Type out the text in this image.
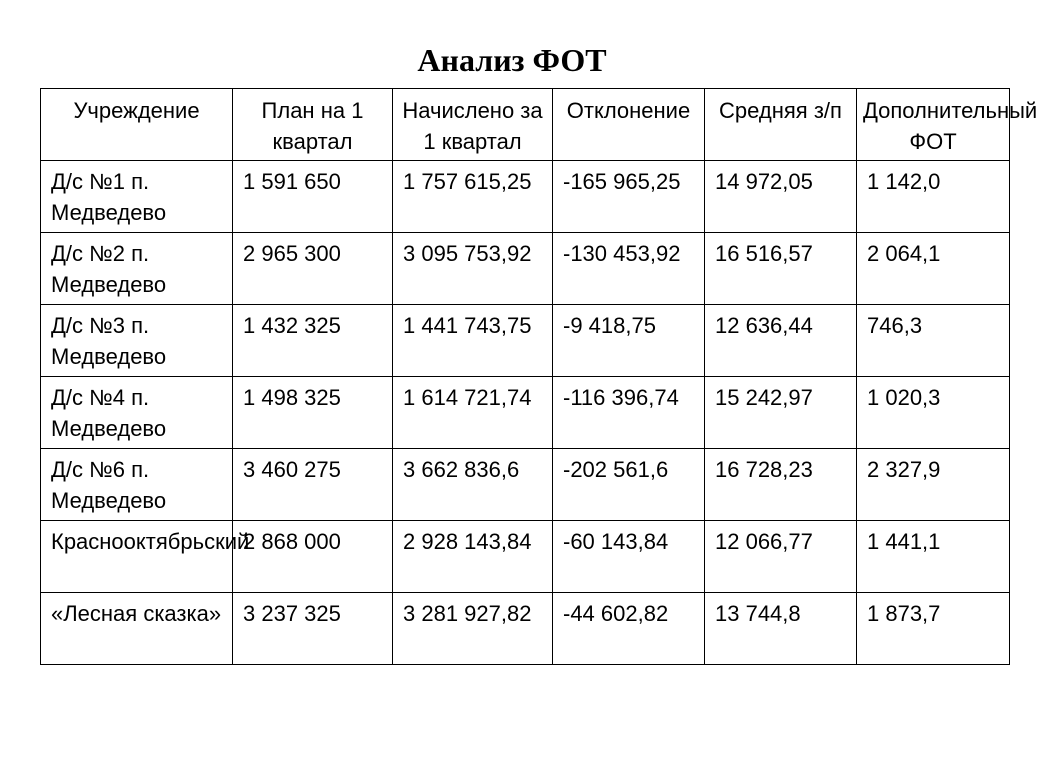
Анализ ФОТ
Учреждение	План на 1 квартал	Начислено за 1 квартал	Отклонение	Средняя з/п	Дополнительный ФОТ
Д/с №1 п. Медведево	1 591 650	1 757 615,25	-165 965,25	14 972,05	1 142,0
Д/с №2 п. Медведево	2 965 300	3 095 753,92	-130 453,92	16 516,57	2 064,1
Д/с №3 п. Медведево	1 432 325	1 441 743,75	-9 418,75	12 636,44	746,3
Д/с №4 п. Медведево	1 498 325	1 614 721,74	-116 396,74	15 242,97	1 020,3
Д/с №6 п. Медведево	3 460 275	3 662 836,6	-202 561,6	16 728,23	2 327,9
Краснооктябрьский	2 868 000	2 928 143,84	-60 143,84	12 066,77	1 441,1
«Лесная сказка»	3 237 325	3 281 927,82	-44 602,82	13 744,8	1 873,7
